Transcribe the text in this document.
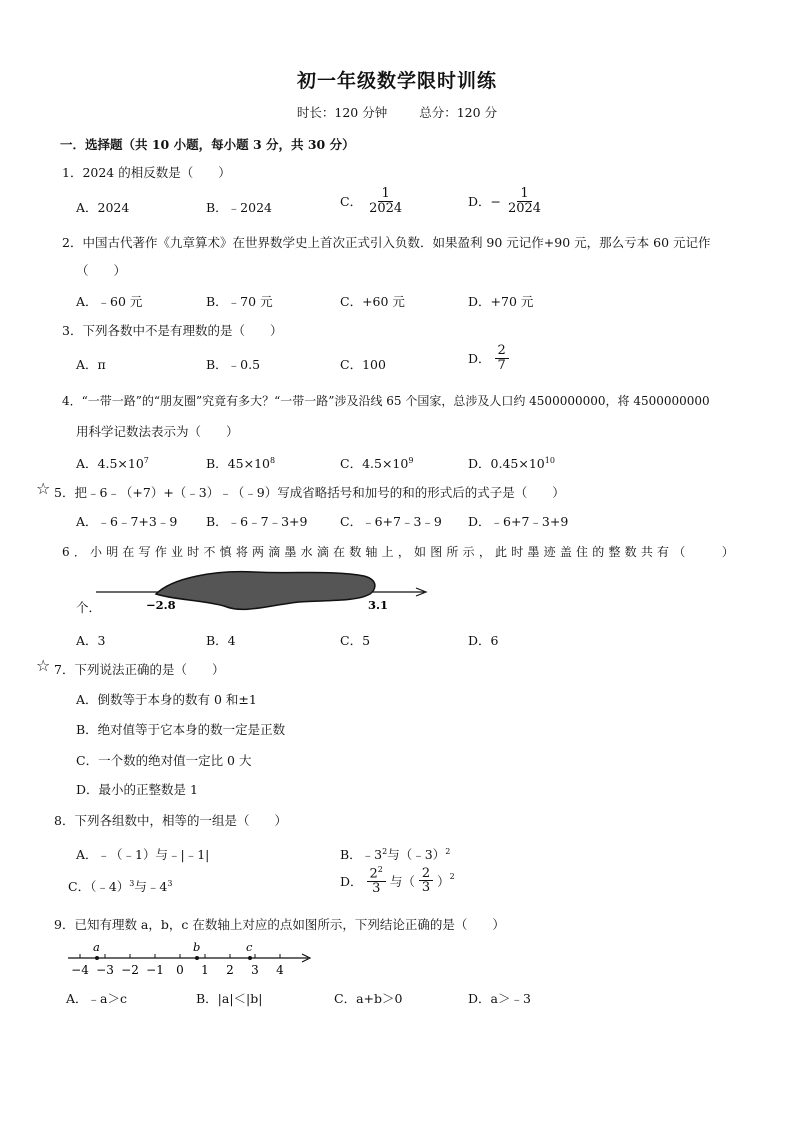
初一年级数学限时训练
时长：120 分钟	总分：120 分
一．选择题（共 10 小题，每小题 3 分，共 30 分）
1．2024 的相反数是（　　）
A．2024	B．﹣2024	C． $\frac{1}{2024}$	D．− $\frac{1}{2024}$
2．中国古代著作《九章算术》在世界数学史上首次正式引入负数．如果盈利 90 元记作+90 元，那么亏本 60 元记作
（　　）
A．﹣60 元	B．﹣70 元	C．+60 元	D．+70 元
3．下列各数中不是有理数的是（　　）
A．π	B．﹣0.5	C．100	D． $\frac{2}{7}$
4．“一带一路”的“朋友圈”究竟有多大？“一带一路”涉及沿线 65 个国家，总涉及人口约 4500000000，将 4500000000
用科学记数法表示为（　　）
A．$4.5\times 10^7$	B．$45\times 10^8$	C．$4.5\times 10^9$	D．$0.45\times 10^{10}$
☆ 5．把﹣6﹣（+7）+（﹣3）﹣（﹣9）写成省略括号和加号的和的形式后的式子是（　　）
A．﹣6﹣7+3﹣9 B．﹣6﹣7﹣3+9	C．﹣6+7﹣3﹣9 D．﹣6+7﹣3+9
6．小明在写作业时不慎将两滴墨水滴在数轴上，如图所示，此时墨迹盖住的整数共有（　　）
个．	−2.8	3.1
A．3	B．4	C．5	D．6
☆ 7．下列说法正确的是（　　）
A．倒数等于本身的数有 0 和±1
B．绝对值等于它本身的数一定是正数
C．一个数的绝对值一定比 0 大
D．最小的正整数是 1
8．下列各组数中，相等的一组是（　　）
A．﹣（﹣1）与﹣|﹣1|	B．$﹣3^2$与（﹣3）$^2$
C．（﹣4）$^3$与$﹣4^3$	D． $\frac{2^2}{3}$ 与（ $\frac{2}{3} )^2$
9．已知有理数 a，b，c 在数轴上对应的点如图所示，下列结论正确的是（　　）
−4 −3 −2 −1 0 1 2 3 4
a	b	c
A．﹣a＞c	B．|a|＜|b|	C．a+b＞0	D．a＞﹣3
